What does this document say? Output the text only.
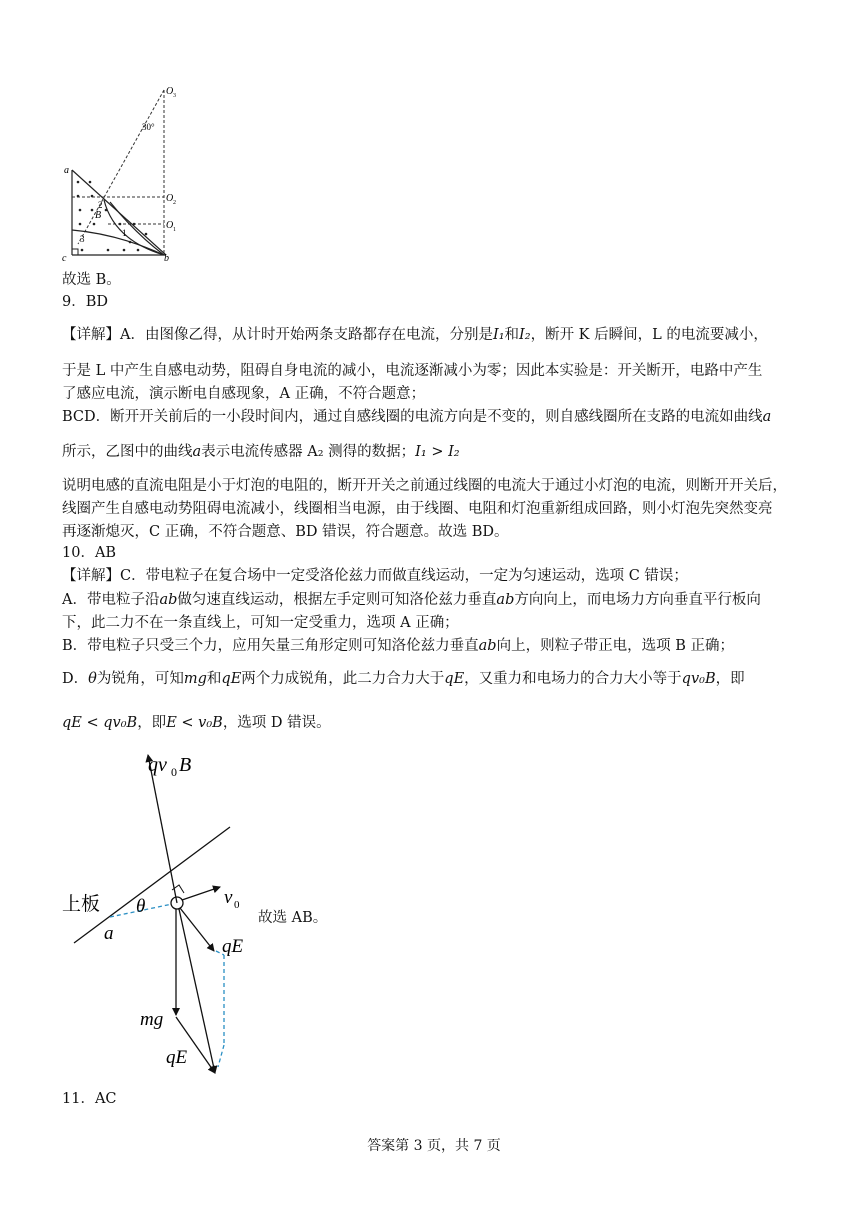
O 3
30°
a
O 2
O 1
2
B
1
3
c	b
故选 B。
9．BD
【详解】A．由图像乙得，从计时开始两条支路都存在电流，分别是I₁和I₂，断开 K 后瞬间，L 的电流要减小，
于是 L 中产生自感电动势，阻碍自身电流的减小，电流逐渐减小为零；因此本实验是：开关断开，电路中产生
了感应电流，演示断电自感现象，A 正确，不符合题意；
BCD．断开开关前后的一小段时间内，通过自感线圈的电流方向是不变的，则自感线圈所在支路的电流如曲线a
所示，乙图中的曲线a表示电流传感器 A₂ 测得的数据；I₁ > I₂
说明电感的直流电阻是小于灯泡的电阻的，断开开关之前通过线圈的电流大于通过小灯泡的电流，则断开开关后，
线圈产生自感电动势阻碍电流减小，线圈相当电源，由于线圈、电阻和灯泡重新组成回路，则小灯泡先突然变亮
再逐渐熄灭，C 正确，不符合题意、BD 错误，符合题意。故选 BD。
10．AB
【详解】C．带电粒子在复合场中一定受洛伦兹力而做直线运动，一定为匀速运动，选项 C 错误；
A．带电粒子沿ab做匀速直线运动，根据左手定则可知洛伦兹力垂直ab方向向上，而电场力方向垂直平行板向
下，此二力不在一条直线上，可知一定受重力，选项 A 正确；
B．带电粒子只受三个力，应用矢量三角形定则可知洛伦兹力垂直ab向上，则粒子带正电，选项 B 正确；
D．θ为锐角，可知mg和qE两个力成锐角，此二力合力大于qE，又重力和电场力的合力大小等于qv₀B，即
qE < qv₀B，即E < v₀B，选项 D 错误。
qv 0 B
上板 θ
a
v 0
qE
mg
qE
故选 AB。
11．AC
答案第 3 页，共 7 页
